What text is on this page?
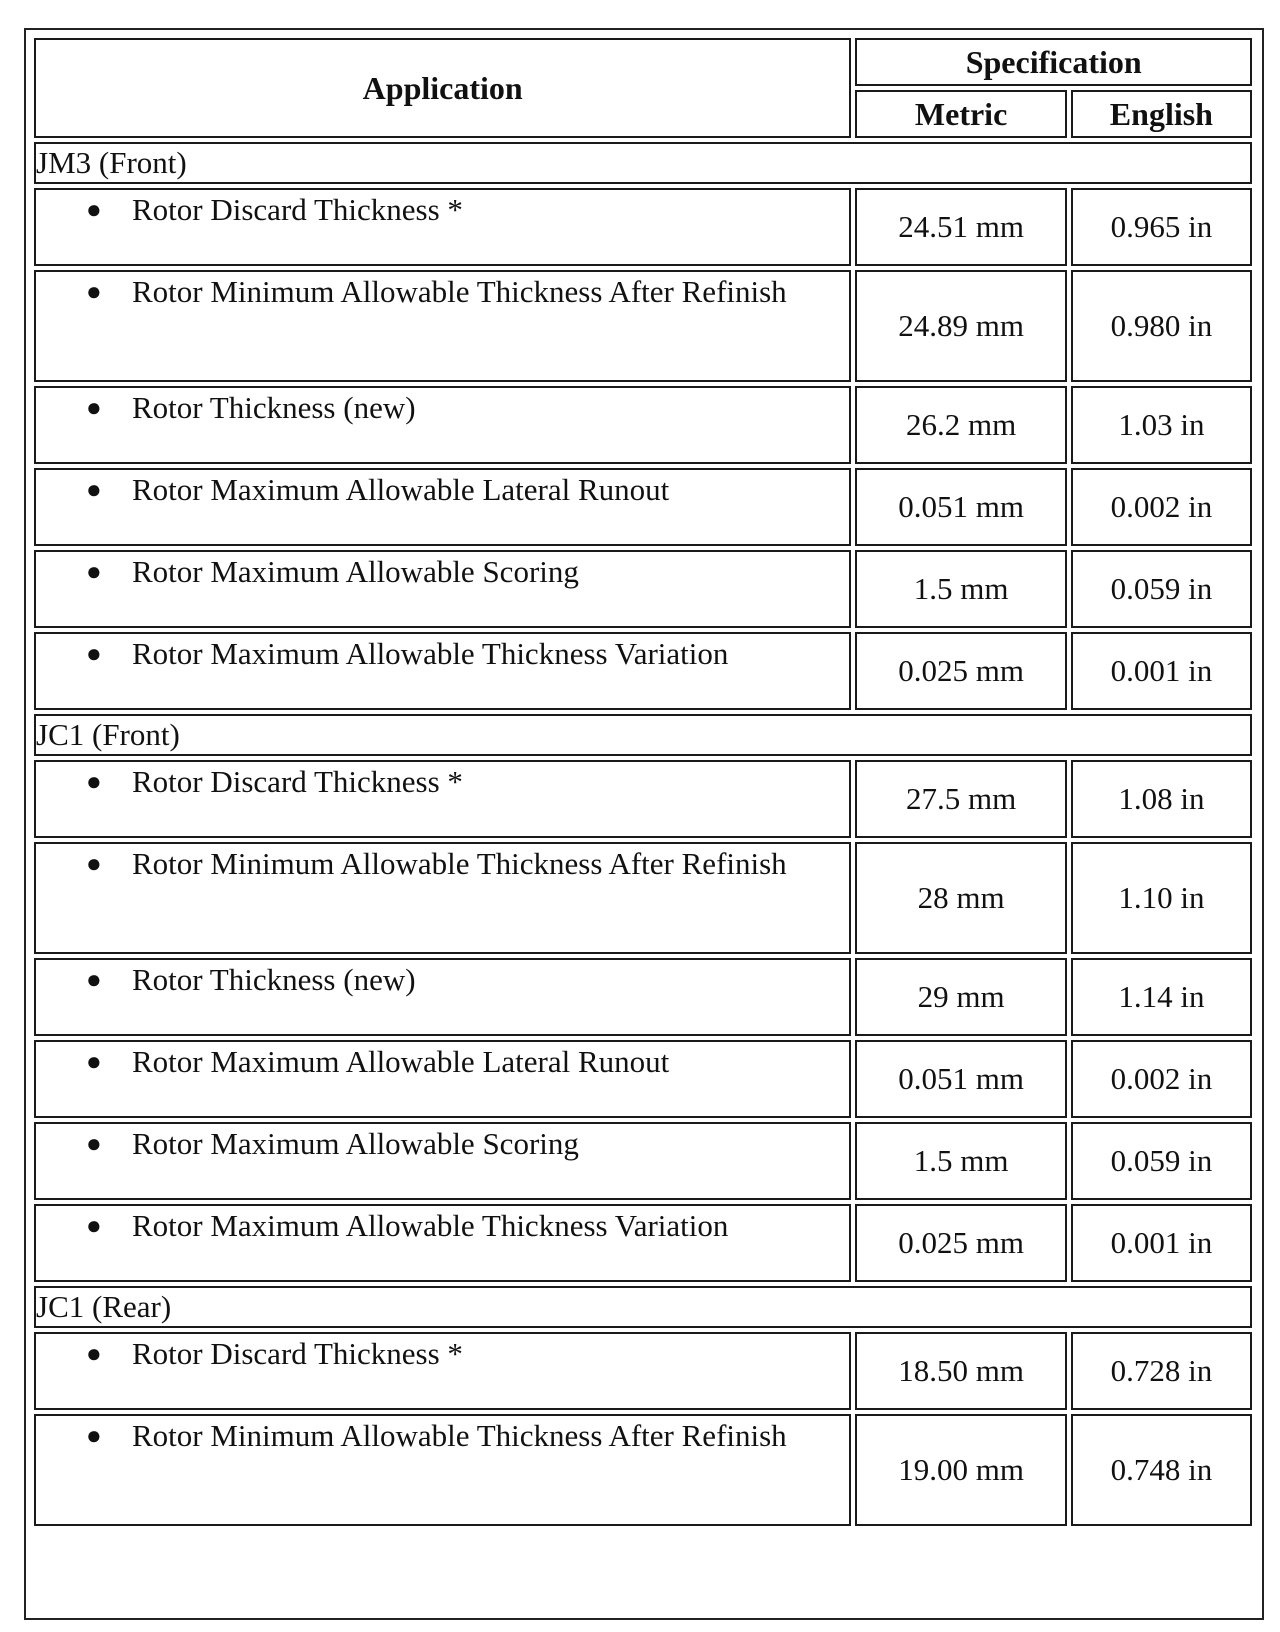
Application	Specification	
	Metric	English
JM3 (Front)		

● Rotor Discard Thickness *	24.51 mm	0.965 in

● Rotor Minimum Allowable Thickness After Refinish	24.89 mm	0.980 in

● Rotor Thickness (new)	26.2 mm	1.03 in

● Rotor Maximum Allowable Lateral Runout	0.051 mm	0.002 in

● Rotor Maximum Allowable Scoring	1.5 mm	0.059 in

● Rotor Maximum Allowable Thickness Variation	0.025 mm	0.001 in
JC1 (Front)		

● Rotor Discard Thickness *	27.5 mm	1.08 in

● Rotor Minimum Allowable Thickness After Refinish	28 mm	1.10 in

● Rotor Thickness (new)	29 mm	1.14 in

● Rotor Maximum Allowable Lateral Runout	0.051 mm	0.002 in

● Rotor Maximum Allowable Scoring	1.5 mm	0.059 in

● Rotor Maximum Allowable Thickness Variation	0.025 mm	0.001 in
JC1 (Rear)		

● Rotor Discard Thickness *	18.50 mm	0.728 in

● Rotor Minimum Allowable Thickness After Refinish	19.00 mm	0.748 in
